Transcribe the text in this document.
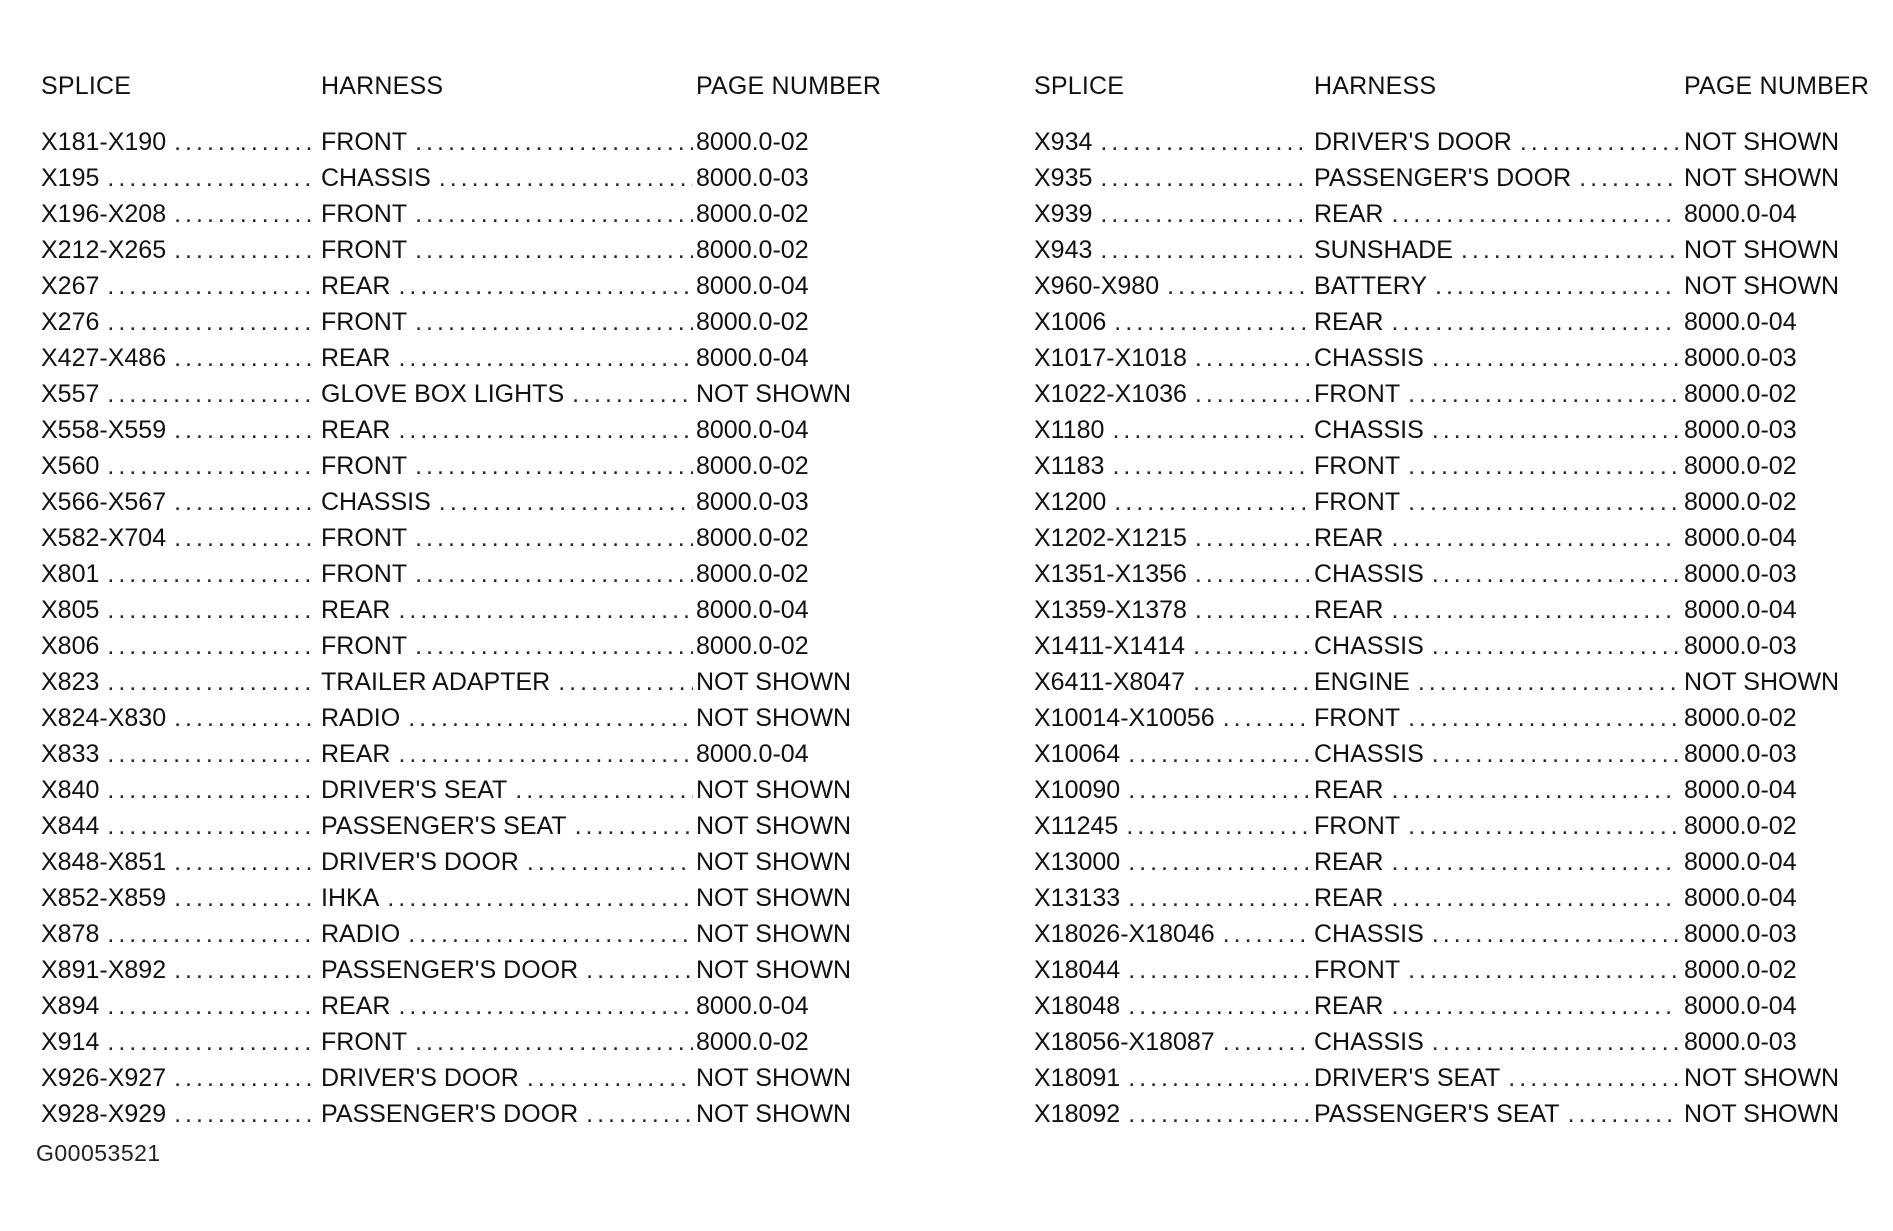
SPLICE	HARNESS	PAGE NUMBER
X181-X190 .....	FRONT .....	8000.0-02
X195 .....	CHASSIS .....	8000.0-03
X196-X208 .....	FRONT .....	8000.0-02
X212-X265 .....	FRONT .....	8000.0-02
X267 .....	REAR .....	8000.0-04
X276 .....	FRONT .....	8000.0-02
X427-X486 .....	REAR .....	8000.0-04
X557 .....	GLOVE BOX LIGHTS .....	NOT SHOWN
X558-X559 .....	REAR .....	8000.0-04
X560 .....	FRONT .....	8000.0-02
X566-X567 .....	CHASSIS .....	8000.0-03
X582-X704 .....	FRONT .....	8000.0-02
X801 .....	FRONT .....	8000.0-02
X805 .....	REAR .....	8000.0-04
X806 .....	FRONT .....	8000.0-02
X823 .....	TRAILER ADAPTER .....	NOT SHOWN
X824-X830 .....	RADIO .....	NOT SHOWN
X833 .....	REAR .....	8000.0-04
X840 .....	DRIVER'S SEAT .....	NOT SHOWN
X844 .....	PASSENGER'S SEAT .....	NOT SHOWN
X848-X851 .....	DRIVER'S DOOR .....	NOT SHOWN
X852-X859 .....	IHKA .....	NOT SHOWN
X878 .....	RADIO .....	NOT SHOWN
X891-X892 .....	PASSENGER'S DOOR .....	NOT SHOWN
X894 .....	REAR .....	8000.0-04
X914 .....	FRONT .....	8000.0-02
X926-X927 .....	DRIVER'S DOOR .....	NOT SHOWN
X928-X929 .....	PASSENGER'S DOOR .....	NOT SHOWN
SPLICE	HARNESS	PAGE NUMBER
X934 .....	DRIVER'S DOOR .....	NOT SHOWN
X935 .....	PASSENGER'S DOOR .....	NOT SHOWN
X939 .....	REAR .....	8000.0-04
X943 .....	SUNSHADE .....	NOT SHOWN
X960-X980 .....	BATTERY .....	NOT SHOWN
X1006 .....	REAR .....	8000.0-04
X1017-X1018 .....	CHASSIS .....	8000.0-03
X1022-X1036 .....	FRONT .....	8000.0-02
X1180 .....	CHASSIS .....	8000.0-03
X1183 .....	FRONT .....	8000.0-02
X1200 .....	FRONT .....	8000.0-02
X1202-X1215 .....	REAR .....	8000.0-04
X1351-X1356 .....	CHASSIS .....	8000.0-03
X1359-X1378 .....	REAR .....	8000.0-04
X1411-X1414 .....	CHASSIS .....	8000.0-03
X6411-X8047 .....	ENGINE .....	NOT SHOWN
X10014-X10056 .....	FRONT .....	8000.0-02
X10064 .....	CHASSIS .....	8000.0-03
X10090 .....	REAR .....	8000.0-04
X11245 .....	FRONT .....	8000.0-02
X13000 .....	REAR .....	8000.0-04
X13133 .....	REAR .....	8000.0-04
X18026-X18046 .....	CHASSIS .....	8000.0-03
X18044 .....	FRONT .....	8000.0-02
X18048 .....	REAR .....	8000.0-04
X18056-X18087 .....	CHASSIS .....	8000.0-03
X18091 .....	DRIVER'S SEAT .....	NOT SHOWN
X18092 .....	PASSENGER'S SEAT .....	NOT SHOWN
G00053521
